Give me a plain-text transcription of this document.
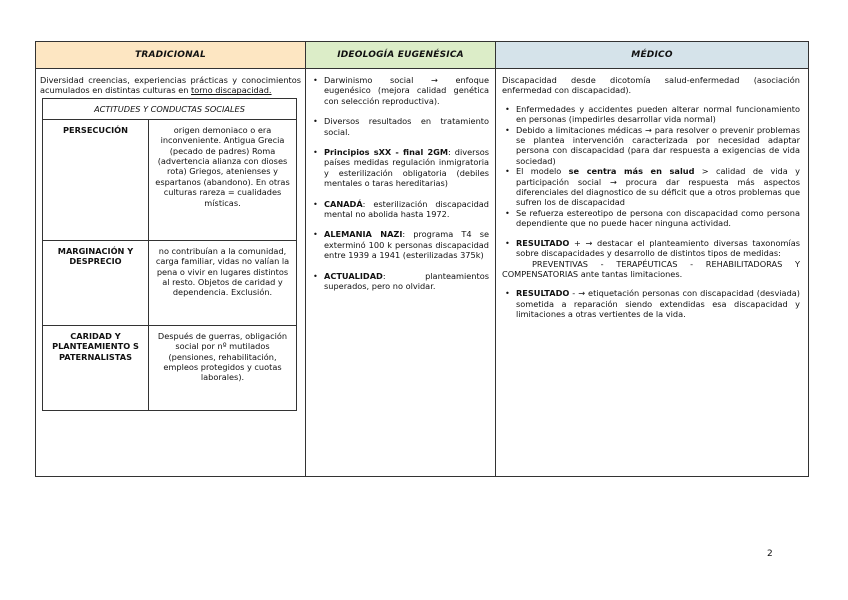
TRADICIONAL
Diversidad creencias, experiencias prácticas y conocimientos acumulados en distintas culturas en torno discapacidad.
ACTITUDES Y CONDUCTAS SOCIALES
PERSECUCIÓN	origen demoniaco o era inconveniente. Antigua Grecia (pecado de padres) Roma (advertencia alianza con dioses rota) Griegos, atenienses y espartanos (abandono). En otras culturas rareza = cualidades místicas.
MARGINACIÓN Y DESPRECIO
no contribuían a la comunidad, carga familiar, vidas no valían la pena o vivir en lugares distintos al resto. Objetos de caridad y dependencia. Exclusión.
CARIDAD Y PLANTEAMIENTO S PATERNALISTAS
Después de guerras, obligación social por nº mutilados (pensiones, rehabilitación, empleos protegidos y cuotas laborales).
IDEOLOGÍA EUGENÉSICA
• Darwinismo social → enfoque eugenésico (mejora calidad genética con selección reproductiva).
• Diversos resultados en tratamiento social.
• Principios sXX - final 2GM: diversos países medidas regulación inmigratoria y esterilización obligatoria (debiles mentales o taras hereditarias)
• CANADÁ: esterilización discapacidad mental no abolida hasta 1972.
• ALEMANIA NAZI: programa T4 se exterminó 100 k personas discapacidad entre 1939 a 1941 (esterilizadas 375k)
• ACTUALIDAD: planteamientos superados, pero no olvidar.
MÉDICO

Discapacidad desde dicotomía salud-enfermedad (asociación enfermedad con discapacidad).

• Enfermedades y accidentes pueden alterar normal funcionamiento en personas (impedirles desarrollar vida normal)
• Debido a limitaciones médicas → para resolver o prevenir problemas se plantea intervención caracterizada por necesidad adaptar persona con discapacidad (para dar respuesta a exigencias de vida sociedad)
• El modelo se centra más en salud > calidad de vida y participación social → procura dar respuesta más aspectos diferenciales del diagnostico de su déficit que a otros problemas que sufren los de discapacidad
• Se refuerza estereotipo de persona con discapacidad como persona dependiente que no puede hacer ninguna actividad.
• RESULTADO + → destacar el planteamiento diversas taxonomías sobre discapacidades y desarrollo de distintos tipos de medidas:

PREVENTIVAS - TERAPÉUTICAS - REHABILITADORAS Y COMPENSATORIAS ante tantas limitaciones.

• RESULTADO - → etiquetación personas con discapacidad (desviada) sometida a reparación siendo extendidas esa discapacidad y limitaciones a otras vertientes de la vida.
2
